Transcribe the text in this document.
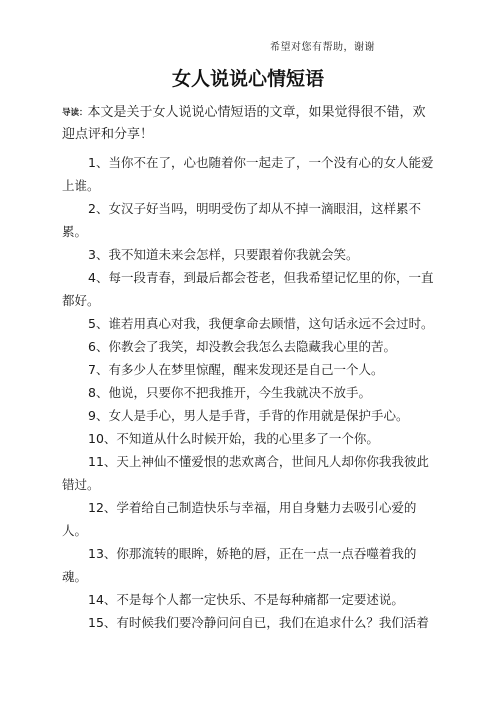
希望对您有帮助，谢谢
女人说说心情短语
导读：本文是关于女人说说心情短语的文章，如果觉得很不错，欢迎点评和分享！
1、当你不在了，心也随着你一起走了，一个没有心的女人能爱上谁。
2、女汉子好当吗，明明受伤了却从不掉一滴眼泪，这样累不累。
3、我不知道未来会怎样，只要跟着你我就会笑。
4、每一段青春，到最后都会苍老，但我希望记忆里的你，一直都好。
5、谁若用真心对我，我便拿命去顾惜，这句话永远不会过时。
6、你教会了我笑，却没教会我怎么去隐藏我心里的苦。
7、有多少人在梦里惊醒，醒来发现还是自己一个人。
8、他说，只要你不把我推开，今生我就决不放手。
9、女人是手心，男人是手背，手背的作用就是保护手心。
10、不知道从什么时候开始，我的心里多了一个你。
11、天上神仙不懂爱恨的悲欢离合，世间凡人却你你我我彼此错过。
12、学着给自己制造快乐与幸福，用自身魅力去吸引心爱的人。
13、你那流转的眼眸，娇艳的唇，正在一点一点吞噬着我的魂。
14、不是每个人都一定快乐、不是每种痛都一定要述说。
15、有时候我们要冷静问问自已，我们在追求什么？我们活着
